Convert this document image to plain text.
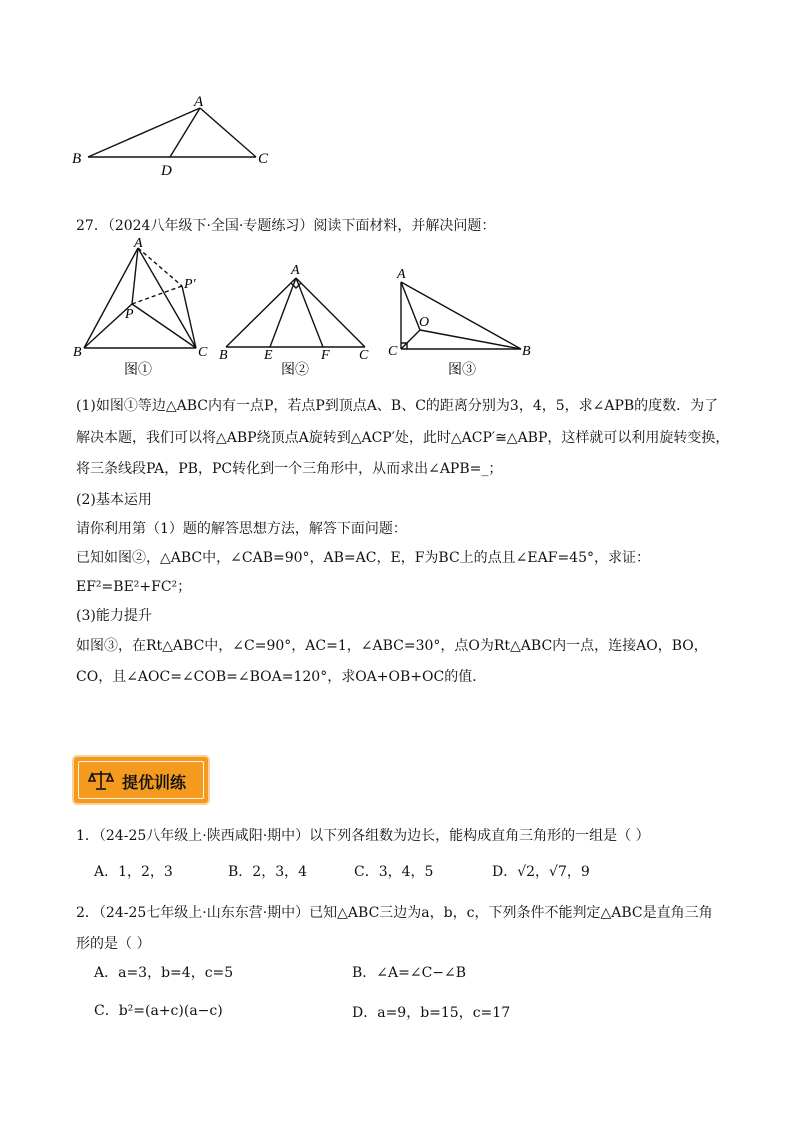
A
B	C
D
27．（2024八年级下·全国·专题练习）阅读下面材料，并解决问题：
A
P′
P
B	C
图①
A
B	E	F C
图②
A
O
C	B
图③
(1)如图①等边△ABC内有一点P，若点P到顶点A、B、C的距离分别为3，4，5，求∠APB的度数．为了
解决本题，我们可以将△ABP绕顶点A旋转到△ACP′处，此时△ACP′≅△ABP，这样就可以利用旋转变换，
将三条线段PA，PB，PC转化到一个三角形中，从而求出∠APB=_；
(2)基本运用
请你利用第（1）题的解答思想方法，解答下面问题：
已知如图②，△ABC中，∠CAB=90°，AB=AC，E，F为BC上的点且∠EAF=45°，求证：
EF²=BE²+FC²；
(3)能力提升
如图③，在Rt△ABC中，∠C=90°，AC=1，∠ABC=30°，点O为Rt△ABC内一点，连接AO，BO，
CO，且∠AOC=∠COB=∠BOA=120°，求OA+OB+OC的值．
提优训练
1．（24-25八年级上·陕西咸阳·期中）以下列各组数为边长，能构成直角三角形的一组是（ ）
A．1，2，3	B．2，3，4	C．3，4，5	D．√2，√7，9
2．（24-25七年级上·山东东营·期中）已知△ABC三边为a，b，c，下列条件不能判定△ABC是直角三角
形的是（ ）
A．a=3，b=4，c=5	B．∠A=∠C−∠B
C．b²=(a+c)(a−c)	D．a=9，b=15，c=17
